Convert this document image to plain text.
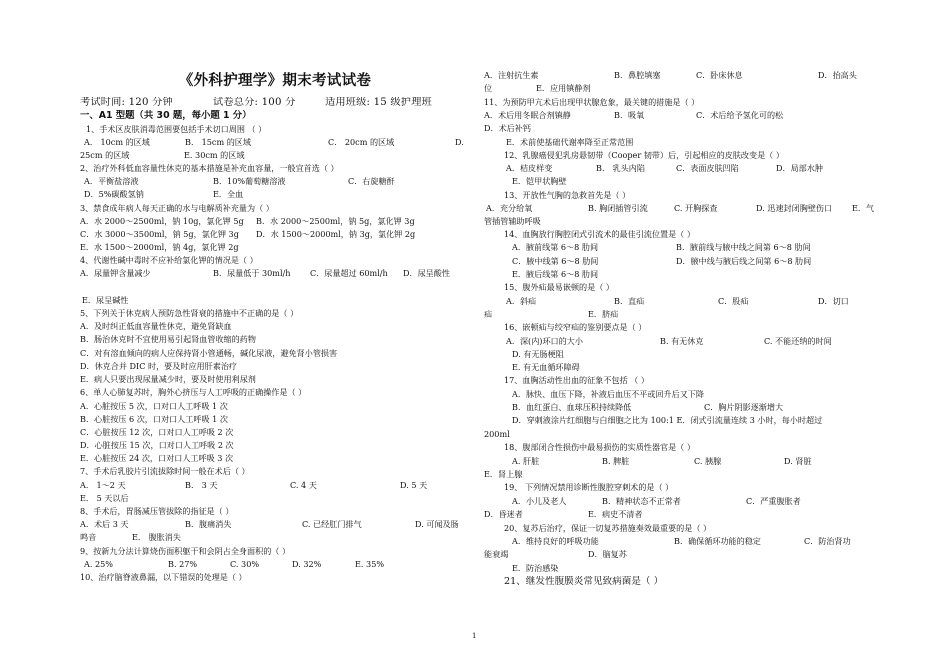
《外科护理学》期末考试试卷
考试时间: 120 分钟	试卷总分: 100 分	适用班级: 15 级护理班
一、A1 型题（共 30 题，每小题 1 分）
1、手术区皮肤消毒范围要包括手术切口周围 （ ）
A． 10cm 的区域	B． 15cm 的区域	C． 20cm 的区域	D.
25cm 的区域	E. 30cm 的区域
2、治疗外科低血容量性休克的基本措施是补充血容量，一般宜首选（ ）
A．平衡盐溶液	B．10%葡萄糖溶液	C．右旋糖酐
D．5%碳酸氢钠	E．全血
3、禁食成年病人每天正确的水与电解质补充量为（ ）
A．水 2000～2500ml，钠 10g，氯化钾 5g B．水 2000～2500ml，钠 5g，氯化钾 3g
C．水 3000～3500ml，钠 5g，氯化钾 3g D．水 1500～2000ml，钠 3g，氯化钾 2g
E．水 1500～2000ml，钠 4g，氯化钾 2g
4、代谢性碱中毒时不应补给氯化钾的情况是（ ）
A．尿量钾含量减少	B．尿量低于 30ml/h C．尿量超过 60ml/h D．尿呈酸性
E．尿呈碱性
5、下列关于休克病人预防急性肾衰的措施中不正确的是（ ）
A．及时纠正低血容量性休克，避免肾缺血
B．肠治休克时不宜使用易引起肾血管收缩的药物
C．对有溶血倾向的病人应保持肾小管通畅，碱化尿液，避免肾小管损害
D．休克合并 DIC 时，要及时应用肝素治疗
E．病人只要出现尿量减少时，要及时使用利尿剂
6、单人心肺复苏时，胸外心挤压与人工呼吸的正确操作是（ ）
A．心脏按压 5 次，口对口人工呼吸 1 次
B．心脏按压 6 次，口对口人工呼吸 1 次
C．心脏按压 12 次，口对口人工呼吸 2 次
D．心脏按压 15 次，口对口人工呼吸 2 次
E．心脏按压 24 次，口对口人工呼吸 3 次
7、手术后乳胶片引流拔除时间一般在术后（ ）
A． 1～2 天	B． 3 天	C. 4 天	D. 5 天
E． 5 天以后
8、手术后，胃肠减压管拔除的指征是（ ）
A．术后 3 天	B．腹痛消失	C. 已经肛门排气	D. 可闻及肠
鸣音	E． 腹胀消失
9、按新九分法计算烧伤面积躯干和会阴占全身面积的（ ）
A. 25%	B. 27%	C. 30%	D. 32%	E. 35%
10、治疗脑脊液鼻漏，以下错误的处理是（ ）
A．注射抗生素	B．鼻腔填塞	C．卧床休息	D．抬高头
位	E．应用镇静剂
11、为预防甲亢术后出现甲状腺危象，最关键的措施是（ ）
A．术后用冬眠合剂镇静	B．吸氧	C．术后给予氢化可的松
D．术后补钙
E．术前使基础代谢率降至正常范围
12、乳腺癌侵犯乳房悬韧带（Cooper 韧带）后，引起相应的皮肤改变是（ ）
A．桔皮样变	B． 乳头内陷	C．表面皮肤凹陷	D．局部水肿
E．铠甲状胸壁
13、开放性气胸的急救首先是（ ）
A．充分给氧	B. 胸闭插管引流	C. 开胸探查	D. 迅速封闭胸壁伤口 E．气
管插管辅助呼吸
14、血胸放行胸腔闭式引流术的最佳引流位置是（ ）
A．腋前线第 6～8 肋间	B．腋前线与腋中线之间第 6～8 肋间
C．腋中线第 6～8 肋间	D．腋中线与腋后线之间第 6～8 肋间
E．腋后线第 6～8 肋间
15、腹外疝最易嵌顿的是（ ）
A．斜疝	B．直疝	C．股疝	D．切口
疝	E．脐疝
16、嵌顿疝与绞窄疝的鉴别要点是（ ）
A．深(内)环口的大小	B. 有无休克	C. 不能还纳的时间
D. 有无肠梗阻
E. 有无血循环障碍
17、血胸活动性出血的征象不包括 （ ）
A．脉快、血压下降，补液后血压不平或回升后又下降
B．血红蛋白、血球压积持续降低	C．胸片阴影逐渐增大
D．穿刺液涂片红细胞与白细胞之比为 100:1 E．闭式引流量连续 3 小时，每小时超过
200ml
18、腹部闭合性损伤中最易损伤的实质性器官是（ ）
A. 肝脏	B. 脾脏	C. 胰腺	D. 肾脏
E．肾上腺
19、 下列情况禁用诊断性腹腔穿刺术的是（ ）
A．小儿及老人	B．精神状态不正常者	C．严重腹胀者
D．昏迷者	E．病史不清者
20、复苏后治疗，保证一切复苏措施奏效最重要的是（ ）
A．维持良好的呼吸功能	B．确保循环功能的稳定	C．防治肾功
能衰竭	D．脑复苏
E．防治感染
21、继发性腹膜炎常见致病菌是（ ）
1
